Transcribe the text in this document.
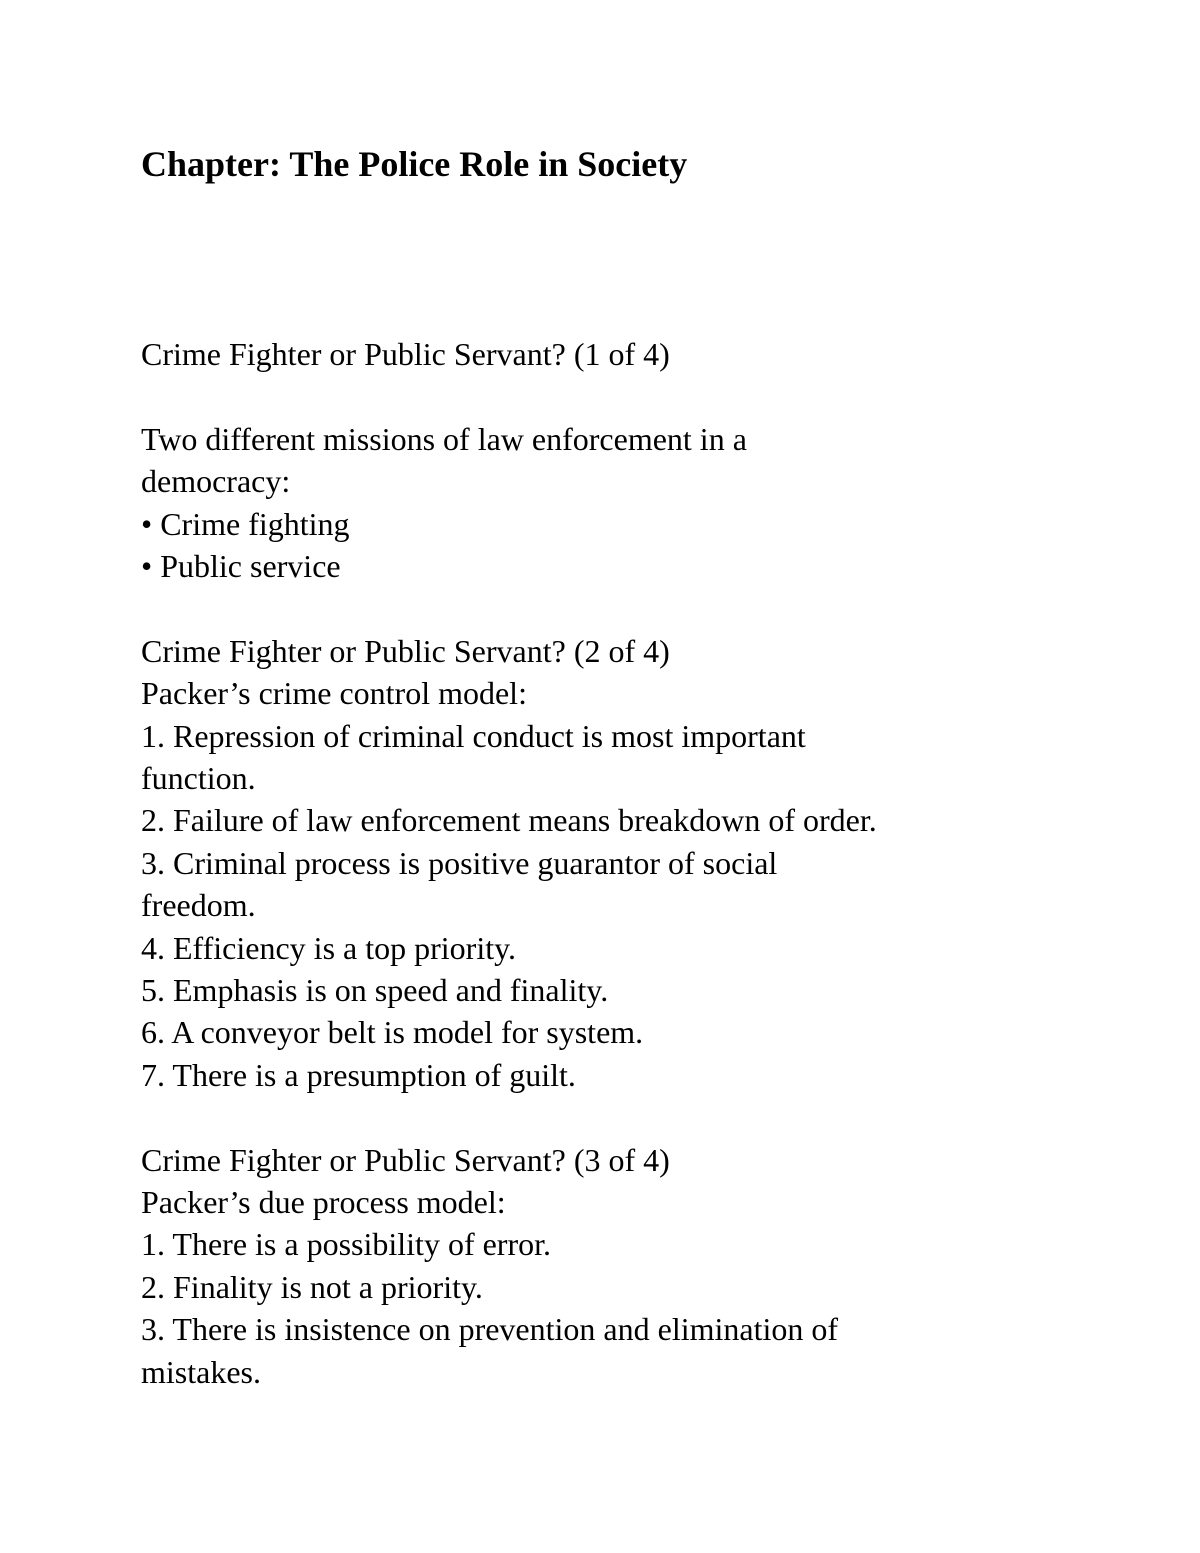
Chapter: The Police Role in Society
Crime Fighter or Public Servant? (1 of 4)
Two different missions of law enforcement in a
democracy:
• Crime fighting
• Public service
Crime Fighter or Public Servant? (2 of 4)
Packer’s crime control model:
1. Repression of criminal conduct is most important
function.
2. Failure of law enforcement means breakdown of order.
3. Criminal process is positive guarantor of social
freedom.
4. Efficiency is a top priority.
5. Emphasis is on speed and finality.
6. A conveyor belt is model for system.
7. There is a presumption of guilt.
Crime Fighter or Public Servant? (3 of 4)
Packer’s due process model:
1. There is a possibility of error.
2. Finality is not a priority.
3. There is insistence on prevention and elimination of
mistakes.
